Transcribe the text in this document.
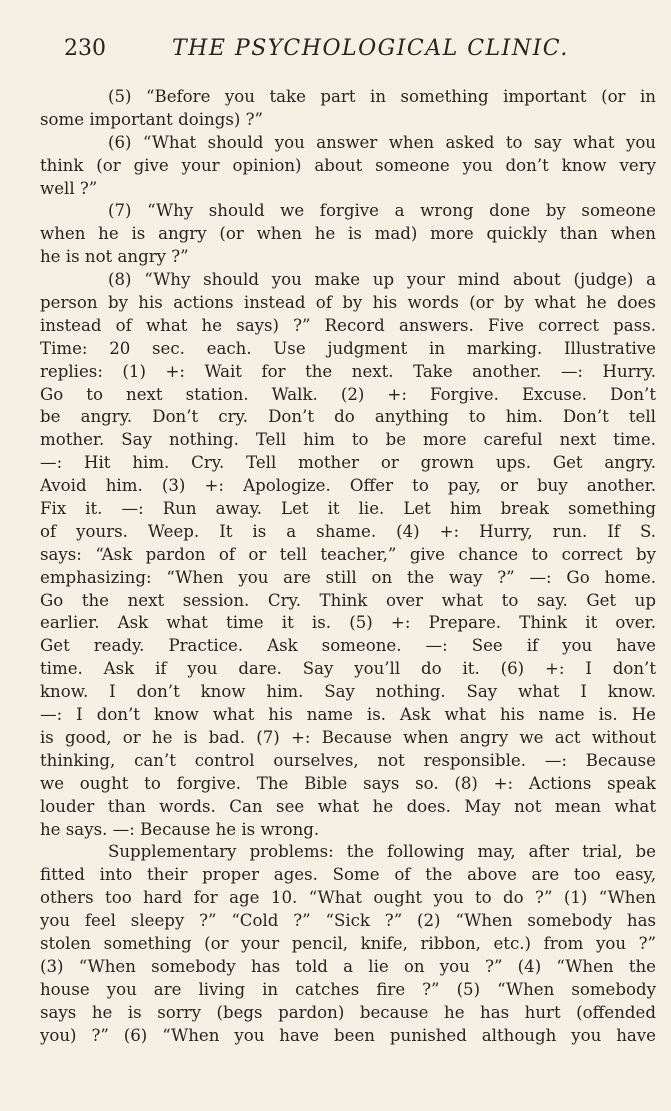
230	THE PSYCHOLOGICAL CLINIC.
(5) “Before you take part in something important (or in
some important doings) ?”
(6) “What should you answer when asked to say what you
think (or give your opinion) about someone you don’t know very
well ?”
(7) “Why should we forgive a wrong done by someone
when he is angry (or when he is mad) more quickly than when
he is not angry ?”
(8) “Why should you make up your mind about (judge) a
person by his actions instead of by his words (or by what he does
instead of what he says) ?” Record answers. Five correct pass.
Time: 20 sec. each. Use judgment in marking. Illustrative
replies: (1) +: Wait for the next. Take another. —: Hurry.
Go to next station. Walk. (2) +: Forgive. Excuse. Don’t
be angry. Don’t cry. Don’t do anything to him. Don’t tell
mother. Say nothing. Tell him to be more careful next time.
—: Hit him. Cry. Tell mother or grown ups. Get angry.
Avoid him. (3) +: Apologize. Offer to pay, or buy another.
Fix it. —: Run away. Let it lie. Let him break something
of yours. Weep. It is a shame. (4) +: Hurry, run. If S.
says: “Ask pardon of or tell teacher,” give chance to correct by
emphasizing: “When you are still on the way ?” —: Go home.
Go the next session. Cry. Think over what to say. Get up
earlier. Ask what time it is. (5) +: Prepare. Think it over.
Get ready. Practice. Ask someone. —: See if you have
time. Ask if you dare. Say you’ll do it. (6) +: I don’t
know. I don’t know him. Say nothing. Say what I know.
—: I don’t know what his name is. Ask what his name is. He
is good, or he is bad. (7) +: Because when angry we act without
thinking, can’t control ourselves, not responsible. —: Because
we ought to forgive. The Bible says so. (8) +: Actions speak
louder than words. Can see what he does. May not mean what
he says. —: Because he is wrong.
Supplementary problems: the following may, after trial, be
fitted into their proper ages. Some of the above are too easy,
others too hard for age 10. “What ought you to do ?” (1) “When
you feel sleepy ?” “Cold ?” “Sick ?” (2) “When somebody has
stolen something (or your pencil, knife, ribbon, etc.) from you ?”
(3) “When somebody has told a lie on you ?” (4) “When the
house you are living in catches fire ?” (5) “When somebody
says he is sorry (begs pardon) because he has hurt (offended
you) ?” (6) “When you have been punished although you have
